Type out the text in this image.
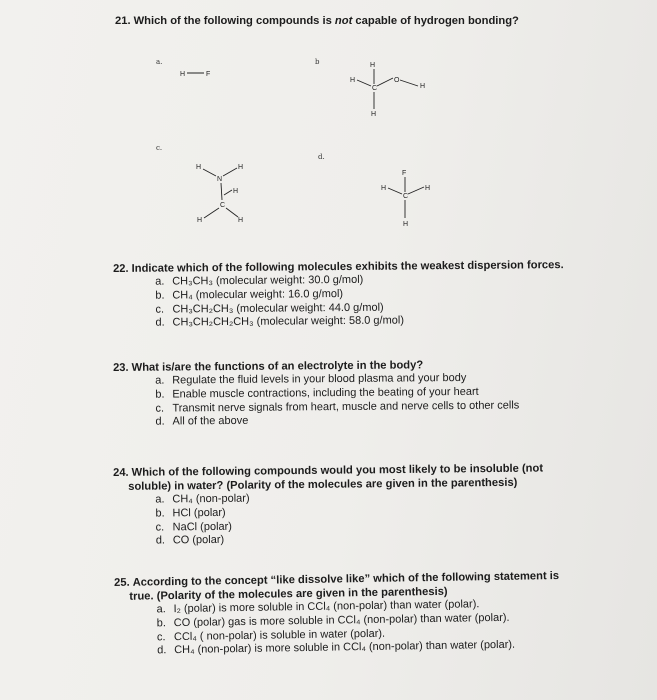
21. Which of the following compounds is not capable of hydrogen bonding?
a.	b
c.
d.
H	F
H
H	O
C	H
H
H	H
N
H
C
H	H
F
H	H
C
H
22. Indicate which of the following molecules exhibits the weakest dispersion forces.
a. CH₃CH₃ (molecular weight: 30.0 g/mol)
b. CH₄ (molecular weight: 16.0 g/mol)
c. CH₃CH₂CH₃ (molecular weight: 44.0 g/mol)
d. CH₃CH₂CH₂CH₃ (molecular weight: 58.0 g/mol)
23. What is/are the functions of an electrolyte in the body?
a. Regulate the fluid levels in your blood plasma and your body
b. Enable muscle contractions, including the beating of your heart
c. Transmit nerve signals from heart, muscle and nerve cells to other cells
d. All of the above
24. Which of the following compounds would you most likely to be insoluble (not
soluble) in water? (Polarity of the molecules are given in the parenthesis)
a. CH₄ (non-polar)
b. HCl (polar)
c. NaCl (polar)
d. CO (polar)
25. According to the concept “like dissolve like” which of the following statement is
true. (Polarity of the molecules are given in the parenthesis)
a. I₂ (polar) is more soluble in CCl₄ (non-polar) than water (polar).
b. CO (polar) gas is more soluble in CCl₄ (non-polar) than water (polar).
c. CCl₄ ( non-polar) is soluble in water (polar).
d. CH₄ (non-polar) is more soluble in CCl₄ (non-polar) than water (polar).
